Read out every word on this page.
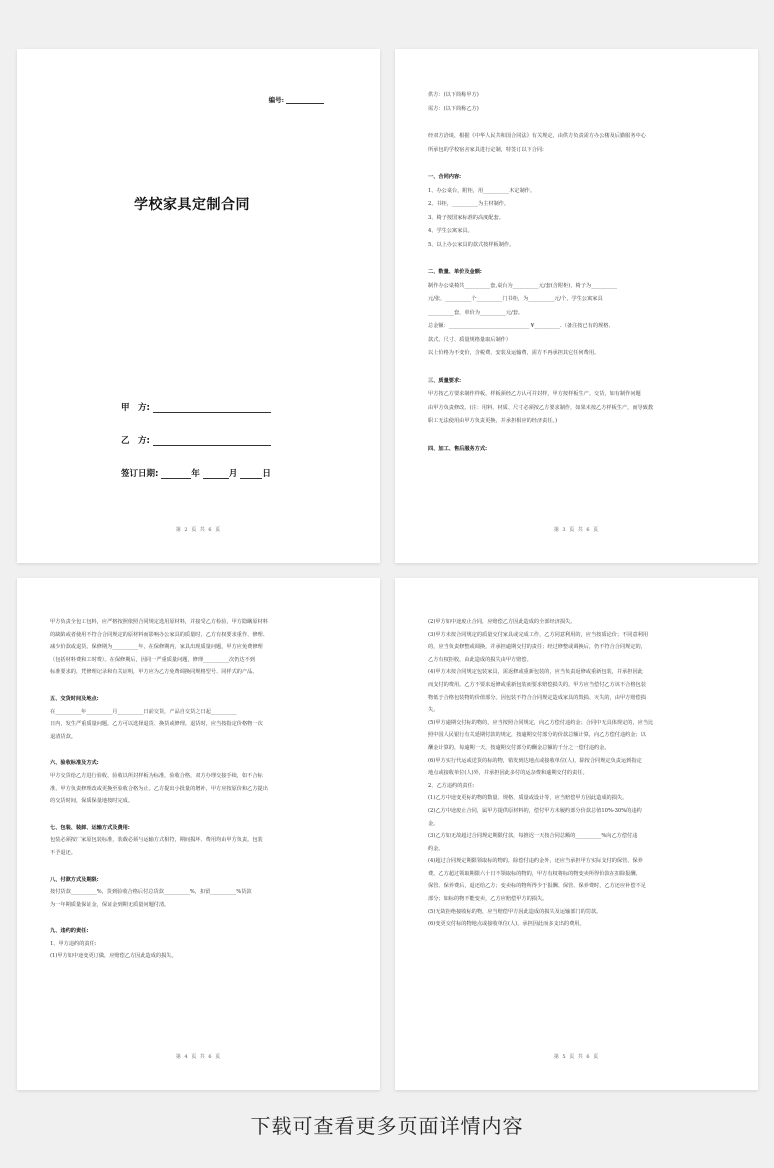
编号:
学校家具定制合同
甲　方:
乙　方:
签订日期:	年	月	日
第 2 页 共 6 页
供方：(以下简称甲方)
需方：(以下简称乙方)
经双方洽谈，根据《中华人民共和国合同法》有关规定，由供方负责需方办公楼及后勤服务中心
所承包的学校宿舍家具进行定制，特签订以下合同:
一、合同内容:
1、办公桌台，附柜，用__________木定制作。
2、书柜，__________为主材制作。
3、椅子按国家标准的高度配套。
4、学生公寓家具。
5、以上办公家具的款式按样板制作。
二、数量、单价及金额:
制作办公桌椅共__________套,桌台为__________元/套(含附柜)，椅子为__________
元/张，__________个__________门书柜，为__________元/个，学生公寓家具
__________套，单价为__________元/套。
总金额：_______________________________ ¥__________.（备注按已有的规格、
款式、尺寸、质量规格量取后制作）
以上价格为不变价，含税费、安装及运输费，需方不再承担其它任何费用。
三、质量要求:
甲方按乙方要求制作样板，样板须经乙方认可并封样，甲方按样板生产。交货，如有制作问题
由甲方负责修改。(注：用料、材质、尺寸必须按乙方要求制作，如果未按乙方样板生产，而导致教
职工无法使用由甲方负责更换，并承担相应的经济责任。)
四、加工、售后服务方式:
第 3 页 共 6 页
甲方负责全包工包料，应严格按照依照合同规定选用原材料，并接受乙方检验，甲方隐瞒原材料
的缺陷或者使用不符合合同规定的原材料而影响办公家具的质量时，乙方有权要求重作、修理、
减少价款或退货。保修期为__________年，在保修期内，家具出现质量问题，甲方应免费修理
（包括材料费和工时费）。在保修期后，因同一严重质量问题，修理__________次仍达不到
标准要求的，凭修理记录和有关证明，甲方应为乙方免费调换同规格型号、同样式的产品。
五、交货时间及地点:
在__________年__________月__________日前交货，产品自交货之日起__________
日内，发生严重质量问题，乙方可以选择退货、换货或修理。退货时，应当按指定价格物一次
退清货款。
六、验收标准及方式:
甲方交货给乙方进行验收，验收以所封样板为标准，验收合格，双方办理交接手续，如不合标
准，甲方负责修理改或更换至验收合格为止。乙方提出小批量的增补，甲方应按原价和乙方提出
的交货时间，保质保量地按时完成。
七、包装、装卸、运输方式及费用:
包装必须按厂家原包装标准，装载必须与运输方式相符，期间损坏、费用均由甲方负责。包装
不予退还。
八、付款方式及期限:
按付货款__________%，货到验收合格后付总货款__________%，扣留__________%货款
为一年期质量保证金，保证金到期无质量问题付清。
九、违约的责任:
1、甲方违约的责任:
(1)甲方如中途变更订做，应赔偿乙方因此造成的损失。
第 4 页 共 6 页
(2)甲方如中途废止合同，应赔偿乙方因此造成的全部经济损失。
(3)甲方未按合同规定的质量交付家具或完成工作，乙方同意利用的，应当按质论价；不同意利用
的，应当负责修整或调换，并承担逾期交付的责任；经过修整或调换后，仍不符合合同规定的，
乙方有权拒收，由此造成的损失由甲方赔偿。
(4)甲方未按合同规定包装家具，需返修或重新包装的，应当负责返修或重新包装，并承担因此
而支付的费用。乙方不要求返修或重新包装而要求赔偿损失的，甲方应当偿付乙方该不合格包装
物低于合格包装物的价值部分。因包装不符合合同规定造成家具的毁损、灭失的，由甲方赔偿损
失。
(5)甲方逾期交付标的物的，应当按照合同规定，向乙方偿付违约金；合同中无具体规定的，应当比
照中国人民银行有关延期付款的规定，按逾期交付部分的价款总额计算，向乙方偿付违约金；以
酬金计算的，每逾期一天，按逾期交付部分的酬金总额的千分之一偿付违约金。
(6)甲方实行代运或送货的标的物，错发到达地点或接收单位(人)，除按合同规定负责运到指定
地点或接收单位(人)外，并承担因此多付的运杂费和逾期交付的责任。
2、乙方违约的责任:
(1)乙方中途变更标的物的数量、规格、质量或设计等，应当赔偿甲方因此造成的损失。
(2)乙方中途废止合同，属甲方提供原材料的，偿付甲方未履约部分价款总值10%-30%的违约
金。
(3)乙方如无故超过合同规定期限付款，每推迟一天按合同总额的__________%向乙方偿付违
约金。
(4)超过合同规定期限领取标的物的，除偿付违约金外，还应当承担甲方实际支付的保管、保养
费。乙方超过领取期限六十日不领取标的物的，甲方有权将标的物变卖所得价款在扣除报酬、
保管、保养费后，退还给乙方；变卖标的物所得少于报酬、保管、保养费时，乙方还应补偿不足
部分；如标的物不能变卖，乙方应赔偿甲方的损失。
(5)无故拒绝接收标的物，应当赔偿甲方因此造成的损失及运输部门的罚款。
(6)变更交付标的物地点或接收单位(人)，承担因此而多支出的费用。
第 5 页 共 6 页
下载可查看更多页面详情内容
